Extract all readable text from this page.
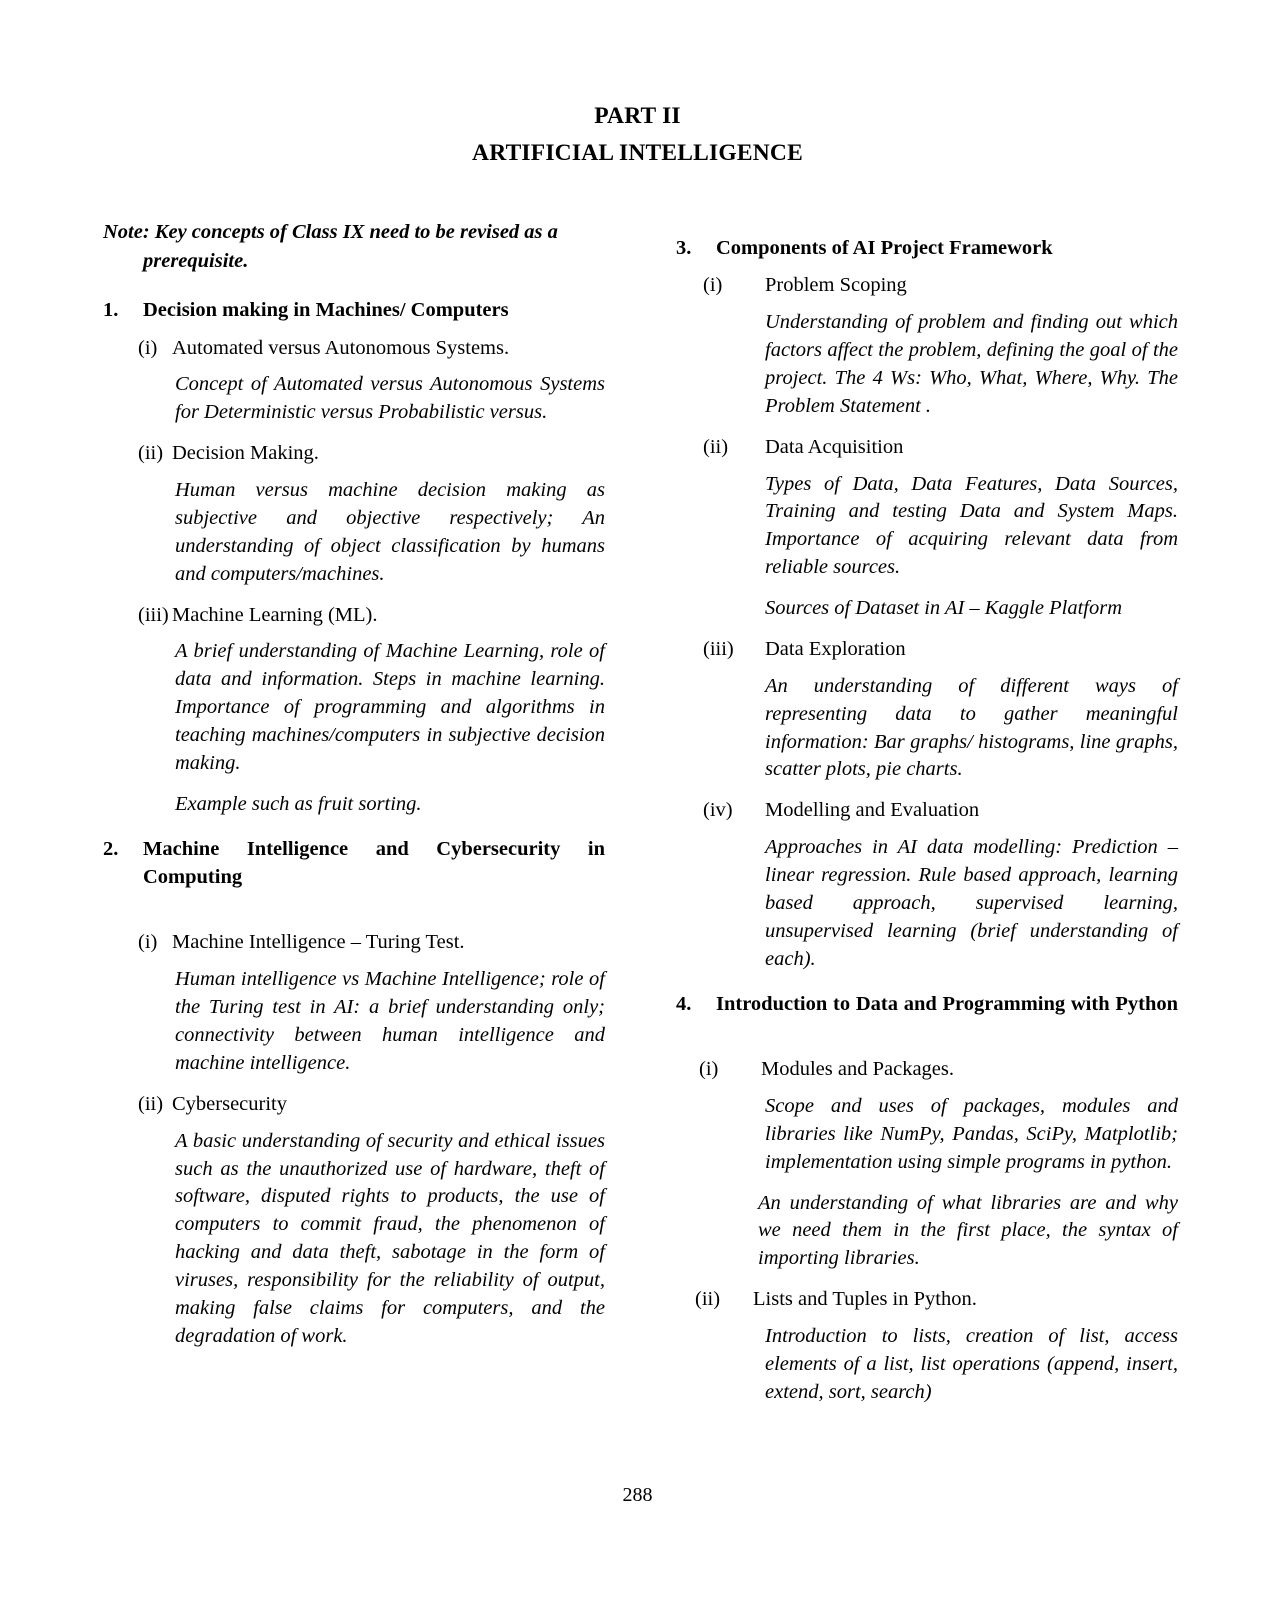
PART II
ARTIFICIAL INTELLIGENCE

Note: Key concepts of Class IX need to be revised as a prerequisite.

1. Decision making in Machines/ Computers
(i) Automated versus Autonomous Systems.

Concept of Automated versus Autonomous Systems for Deterministic versus Probabilistic versus.

(ii) Decision Making.

Human versus machine decision making as subjective and objective respectively; An understanding of object classification by humans and computers/machines.

(iii) Machine Learning (ML).

A brief understanding of Machine Learning, role of data and information. Steps in machine learning. Importance of programming and algorithms in teaching machines/computers in subjective decision making.

Example such as fruit sorting.

2. Machine Intelligence and Cybersecurity in Computing
(i) Machine Intelligence – Turing Test.

Human intelligence vs Machine Intelligence; role of the Turing test in AI: a brief understanding only; connectivity between human intelligence and machine intelligence.

(ii) Cybersecurity

A basic understanding of security and ethical issues such as the unauthorized use of hardware, theft of software, disputed rights to products, the use of computers to commit fraud, the phenomenon of hacking and data theft, sabotage in the form of viruses, responsibility for the reliability of output, making false claims for computers, and the degradation of work.

3. Components of AI Project Framework
(i)	Problem Scoping

Understanding of problem and finding out which factors affect the problem, defining the goal of the project. The 4 Ws: Who, What, Where, Why. The Problem Statement .

(ii)	Data Acquisition

Types of Data, Data Features, Data Sources, Training and testing Data and System Maps. Importance of acquiring relevant data from reliable sources.

Sources of Dataset in AI – Kaggle Platform

(iii)	Data Exploration

An understanding of different ways of representing data to gather meaningful information: Bar graphs/ histograms, line graphs, scatter plots, pie charts.

(iv)	Modelling and Evaluation

Approaches in AI data modelling: Prediction – linear regression. Rule based approach, learning based approach, supervised learning, unsupervised learning (brief understanding of each).

4. Introduction to Data and Programming with Python
(i)	Modules and Packages.

Scope and uses of packages, modules and libraries like NumPy, Pandas, SciPy, Matplotlib; implementation using simple programs in python.

An understanding of what libraries are and why we need them in the first place, the syntax of importing libraries.

(ii)	Lists and Tuples in Python.

Introduction to lists, creation of list, access elements of a list, list operations (append, insert, extend, sort, search)

288
